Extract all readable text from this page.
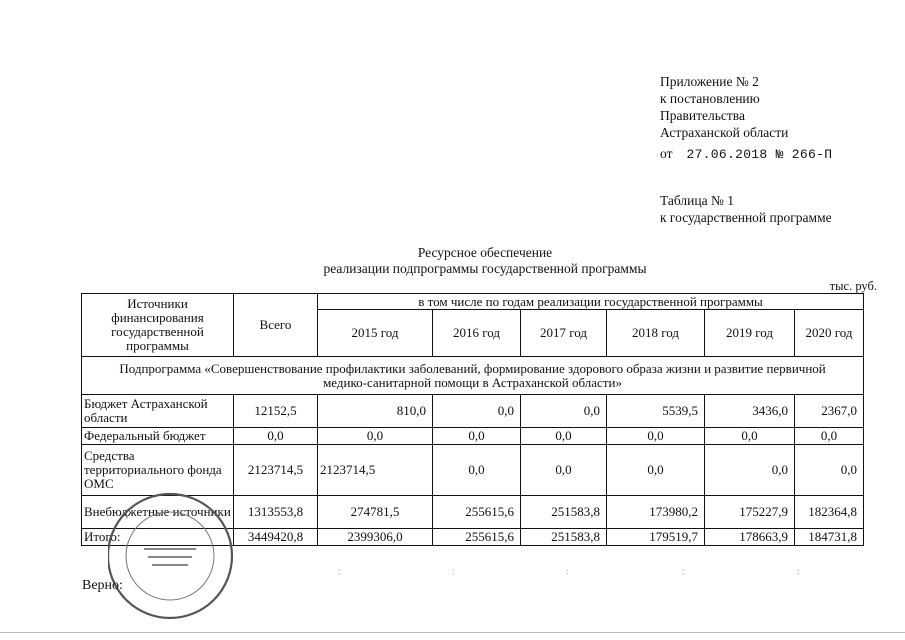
Приложение № 2
к постановлению
Правительства
Астраханской области
от 27.06.2018 № 266-П
Таблица № 1
к государственной программе
Ресурсное обеспечение
реализации подпрограммы государственной программы
тыс. руб.
Источники финансирования государственной программы	Всего	в том числе по годам реализации государственной программы					
		2015 год	2016 год	2017 год	2018 год	2019 год	2020 год
Подпрограмма «Совершенствование профилактики заболеваний, формирование здорового образа жизни и развитие первичной медико-санитарной помощи в Астраханской области»							
Бюджет Астраханской области	12152,5	810,0	0,0	0,0	5539,5	3436,0	2367,0
Федеральный бюджет	0,0	0,0	0,0	0,0	0,0	0,0	0,0
Средства территориального фонда ОМС	2123714,5	2123714,5	0,0	0,0	0,0	0,0	0,0
Внебюджетные источники	1313553,8	274781,5	255615,6	251583,8	173980,2	175227,9	182364,8
Итого:	3449420,8	2399306,0	255615,6	251583,8	179519,7	178663,9	184731,8
Верно:
:	:	:	:	:
